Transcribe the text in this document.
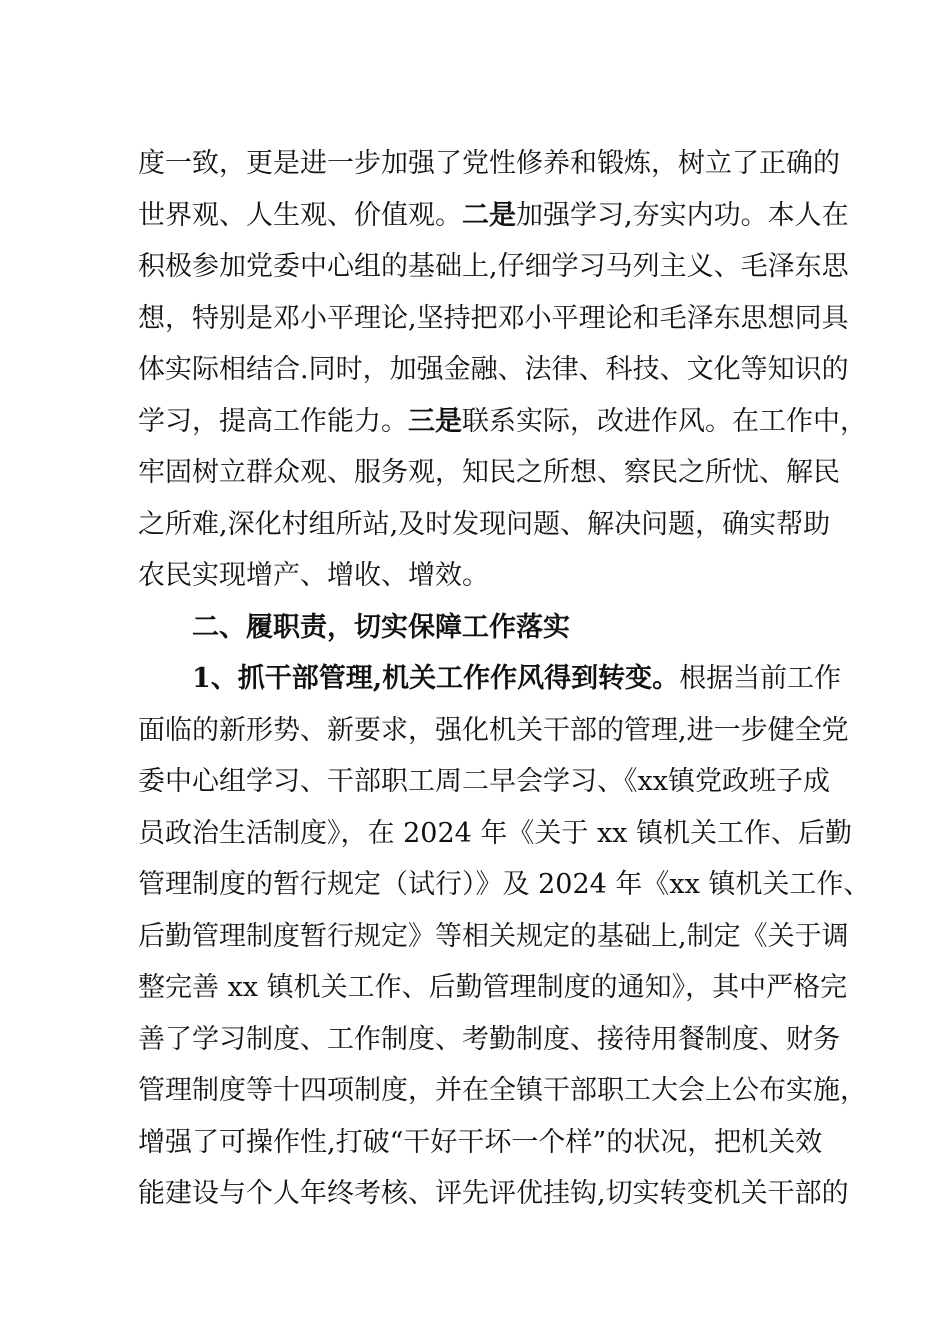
度一致，更是进一步加强了党性修养和锻炼，树立了正确的
世界观、人生观、价值观。二是加强学习,夯实内功。本人在
积极参加党委中心组的基础上,仔细学习马列主义、毛泽东思
想，特别是邓小平理论,坚持把邓小平理论和毛泽东思想同具
体实际相结合.同时，加强金融、法律、科技、文化等知识的
学习，提高工作能力。三是联系实际，改进作风。在工作中，
牢固树立群众观、服务观，知民之所想、察民之所忧、解民
之所难,深化村组所站,及时发现问题、解决问题，确实帮助
农民实现增产、增收、增效。
二、履职责，切实保障工作落实
1、抓干部管理,机关工作作风得到转变。根据当前工作
面临的新形势、新要求，强化机关干部的管理,进一步健全党
委中心组学习、干部职工周二早会学习、《xx镇党政班子成
员政治生活制度》，在 2024 年《关于 xx 镇机关工作、后勤
管理制度的暂行规定（试行）》及 2024 年《xx 镇机关工作、
后勤管理制度暂行规定》等相关规定的基础上,制定《关于调
整完善 xx 镇机关工作、后勤管理制度的通知》，其中严格完
善了学习制度、工作制度、考勤制度、接待用餐制度、财务
管理制度等十四项制度，并在全镇干部职工大会上公布实施，
增强了可操作性,打破“干好干坏一个样”的状况，把机关效
能建设与个人年终考核、评先评优挂钩,切实转变机关干部的
